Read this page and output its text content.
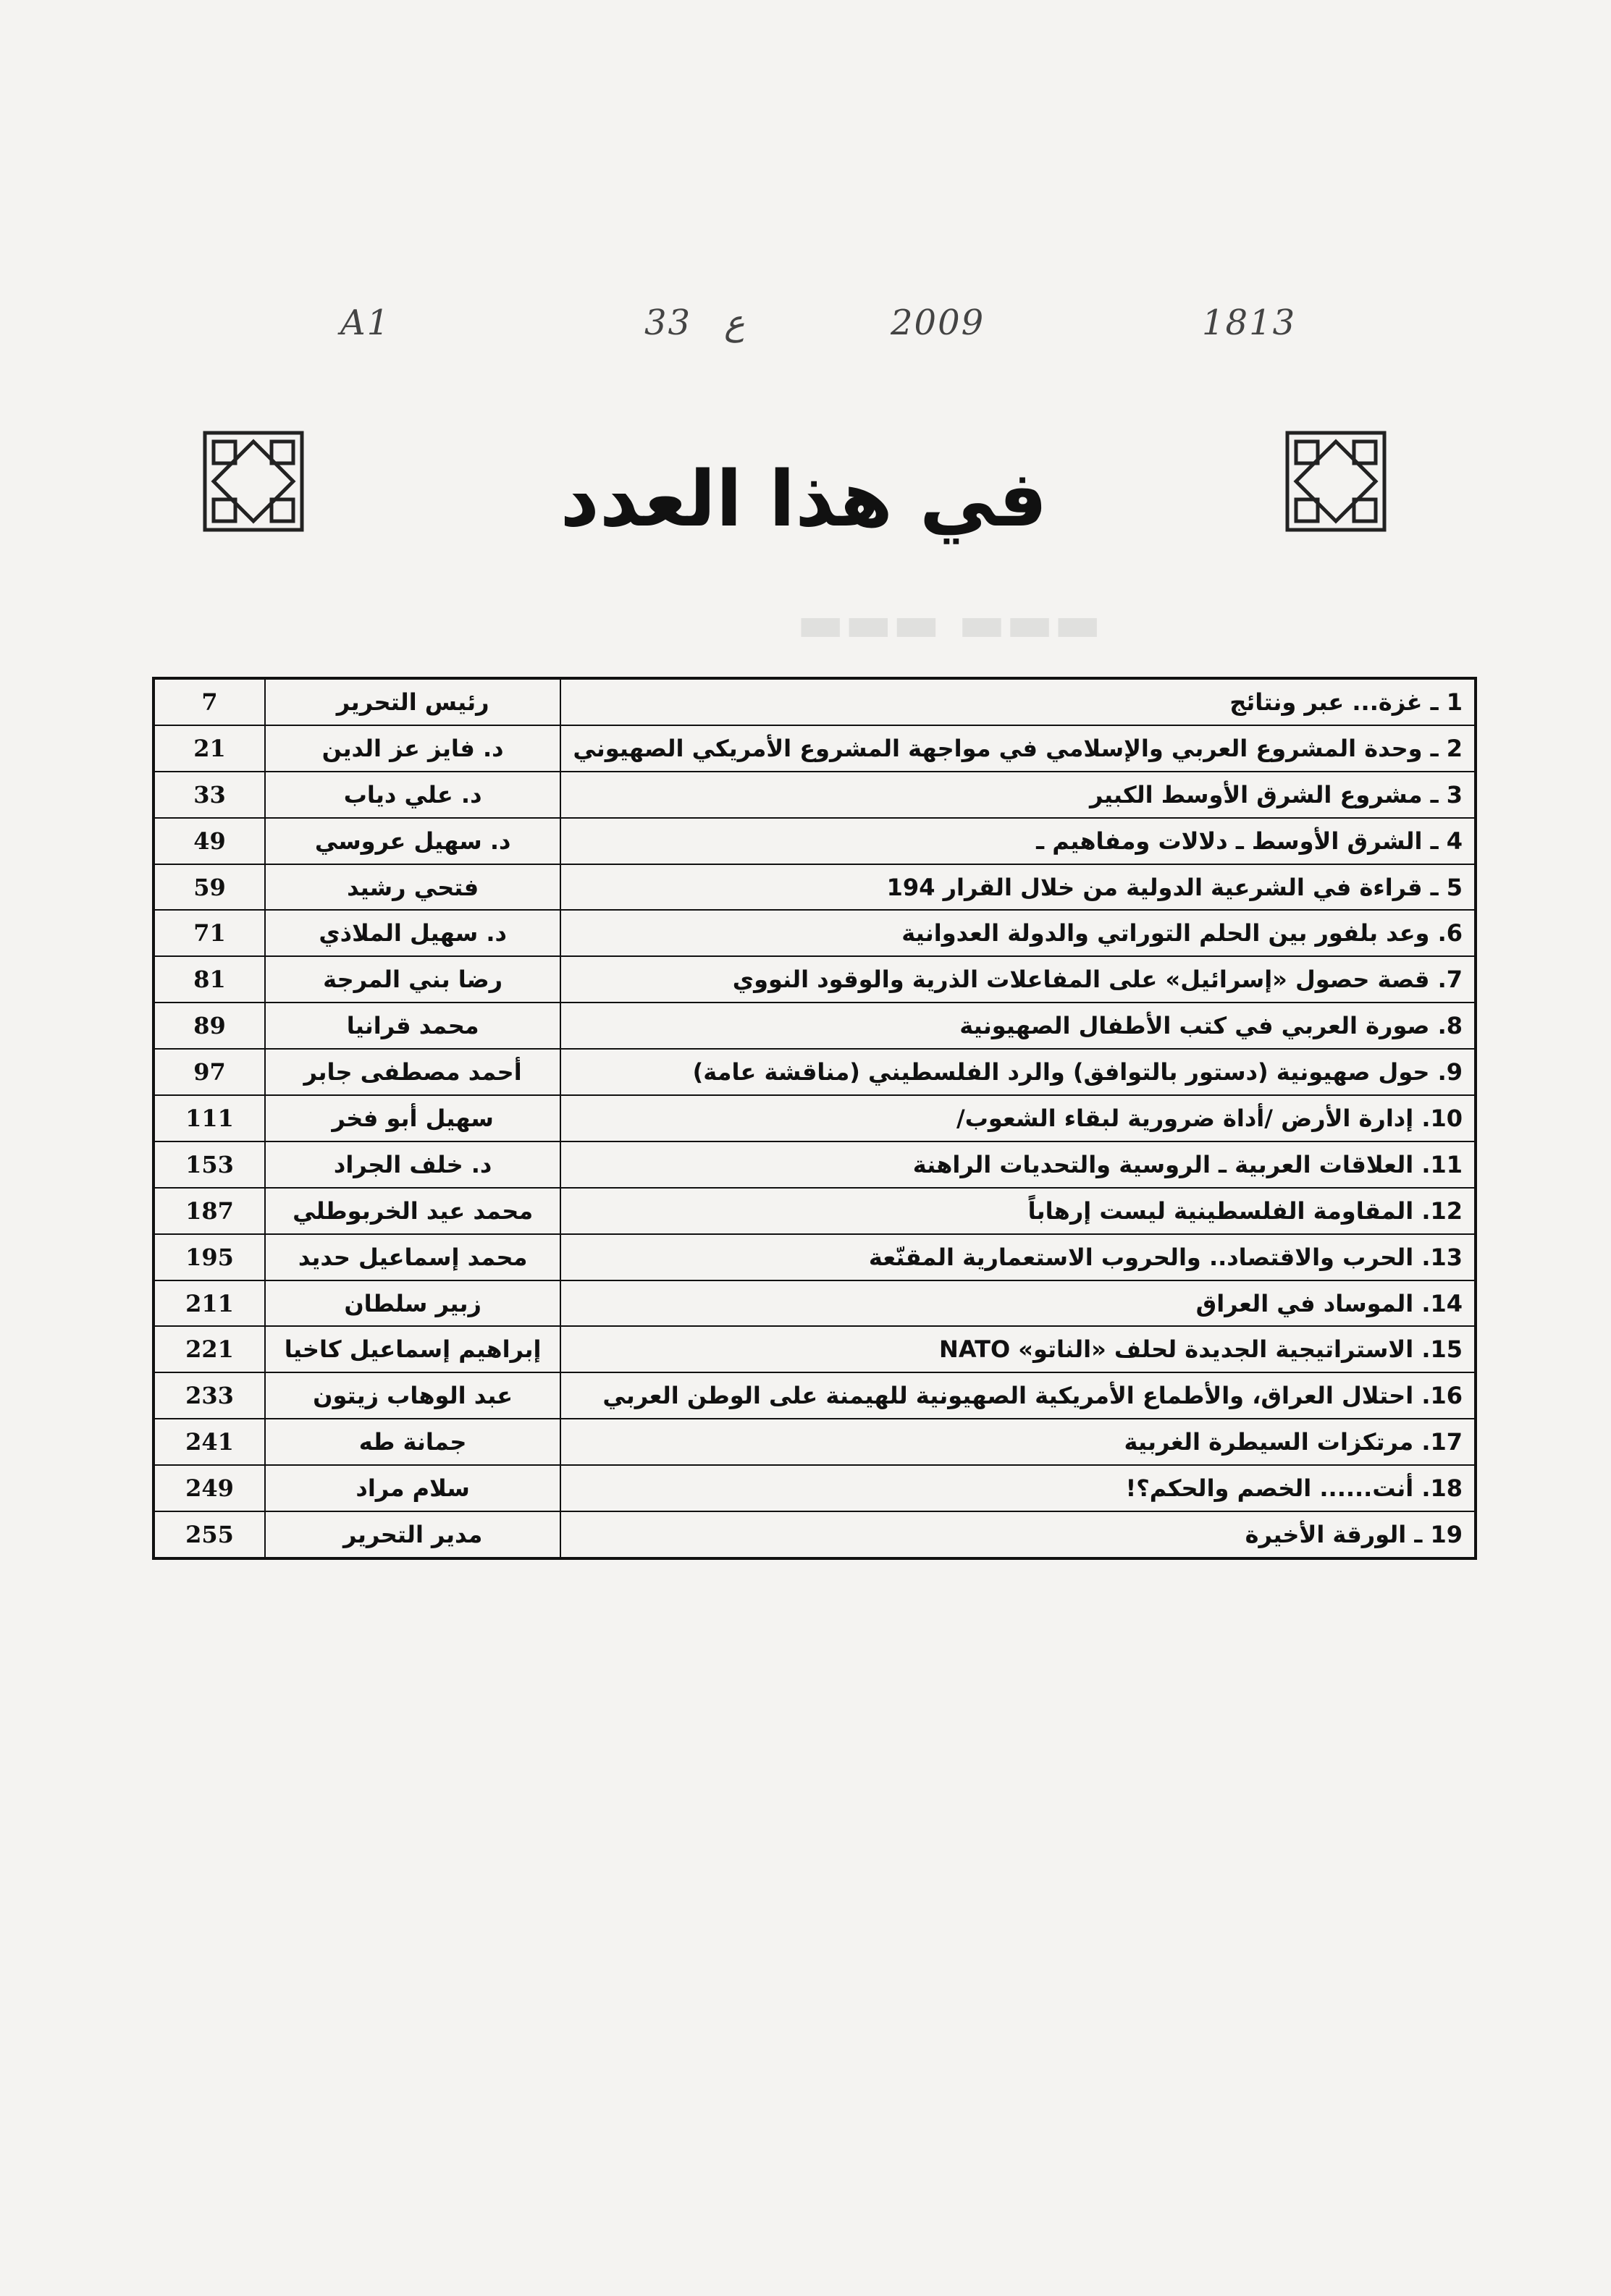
A1	33 ع	2009	1813
▬▬▬ ▬▬▬
في هذا العدد
1 ـ غزة... عبر ونتائج	رئيس التحرير	7
2 ـ وحدة المشروع العربي والإسلامي في مواجهة المشروع الأمريكي الصهيوني	د. فايز عز الدين	21
3 ـ مشروع الشرق الأوسط الكبير	د. علي دياب	33
4 ـ الشرق الأوسط ـ دلالات ومفاهيم ـ	د. سهيل عروسي	49
5 ـ قراءة في الشرعية الدولية من خلال القرار 194	فتحي رشيد	59
6. وعد بلفور بين الحلم التوراتي والدولة العدوانية	د. سهيل الملاذي	71
7. قصة حصول «إسرائيل» على المفاعلات الذرية والوقود النووي	رضا بني المرجة	81
8. صورة العربي في كتب الأطفال الصهيونية	محمد قرانيا	89
9. حول صهيونية (دستور بالتوافق) والرد الفلسطيني (مناقشة عامة)	أحمد مصطفى جابر	97
10. إدارة الأرض /أداة ضرورية لبقاء الشعوب/	سهيل أبو فخر	111
11. العلاقات العربية ـ الروسية والتحديات الراهنة	د. خلف الجراد	153
12. المقاومة الفلسطينية ليست إرهاباً	محمد عيد الخربوطلي	187
13. الحرب والاقتصاد.. والحروب الاستعمارية المقنّعة	محمد إسماعيل حديد	195
14. الموساد في العراق	زبير سلطان	211
15. الاستراتيجية الجديدة لحلف «الناتو» NATO	إبراهيم إسماعيل كاخيا	221
16. احتلال العراق، والأطماع الأمريكية الصهيونية للهيمنة على الوطن العربي	عبد الوهاب زيتون	233
17. مرتكزات السيطرة الغربية	جمانة طه	241
18. أنت...... الخصم والحكم؟!	سلام مراد	249
19 ـ الورقة الأخيرة	مدير التحرير	255
